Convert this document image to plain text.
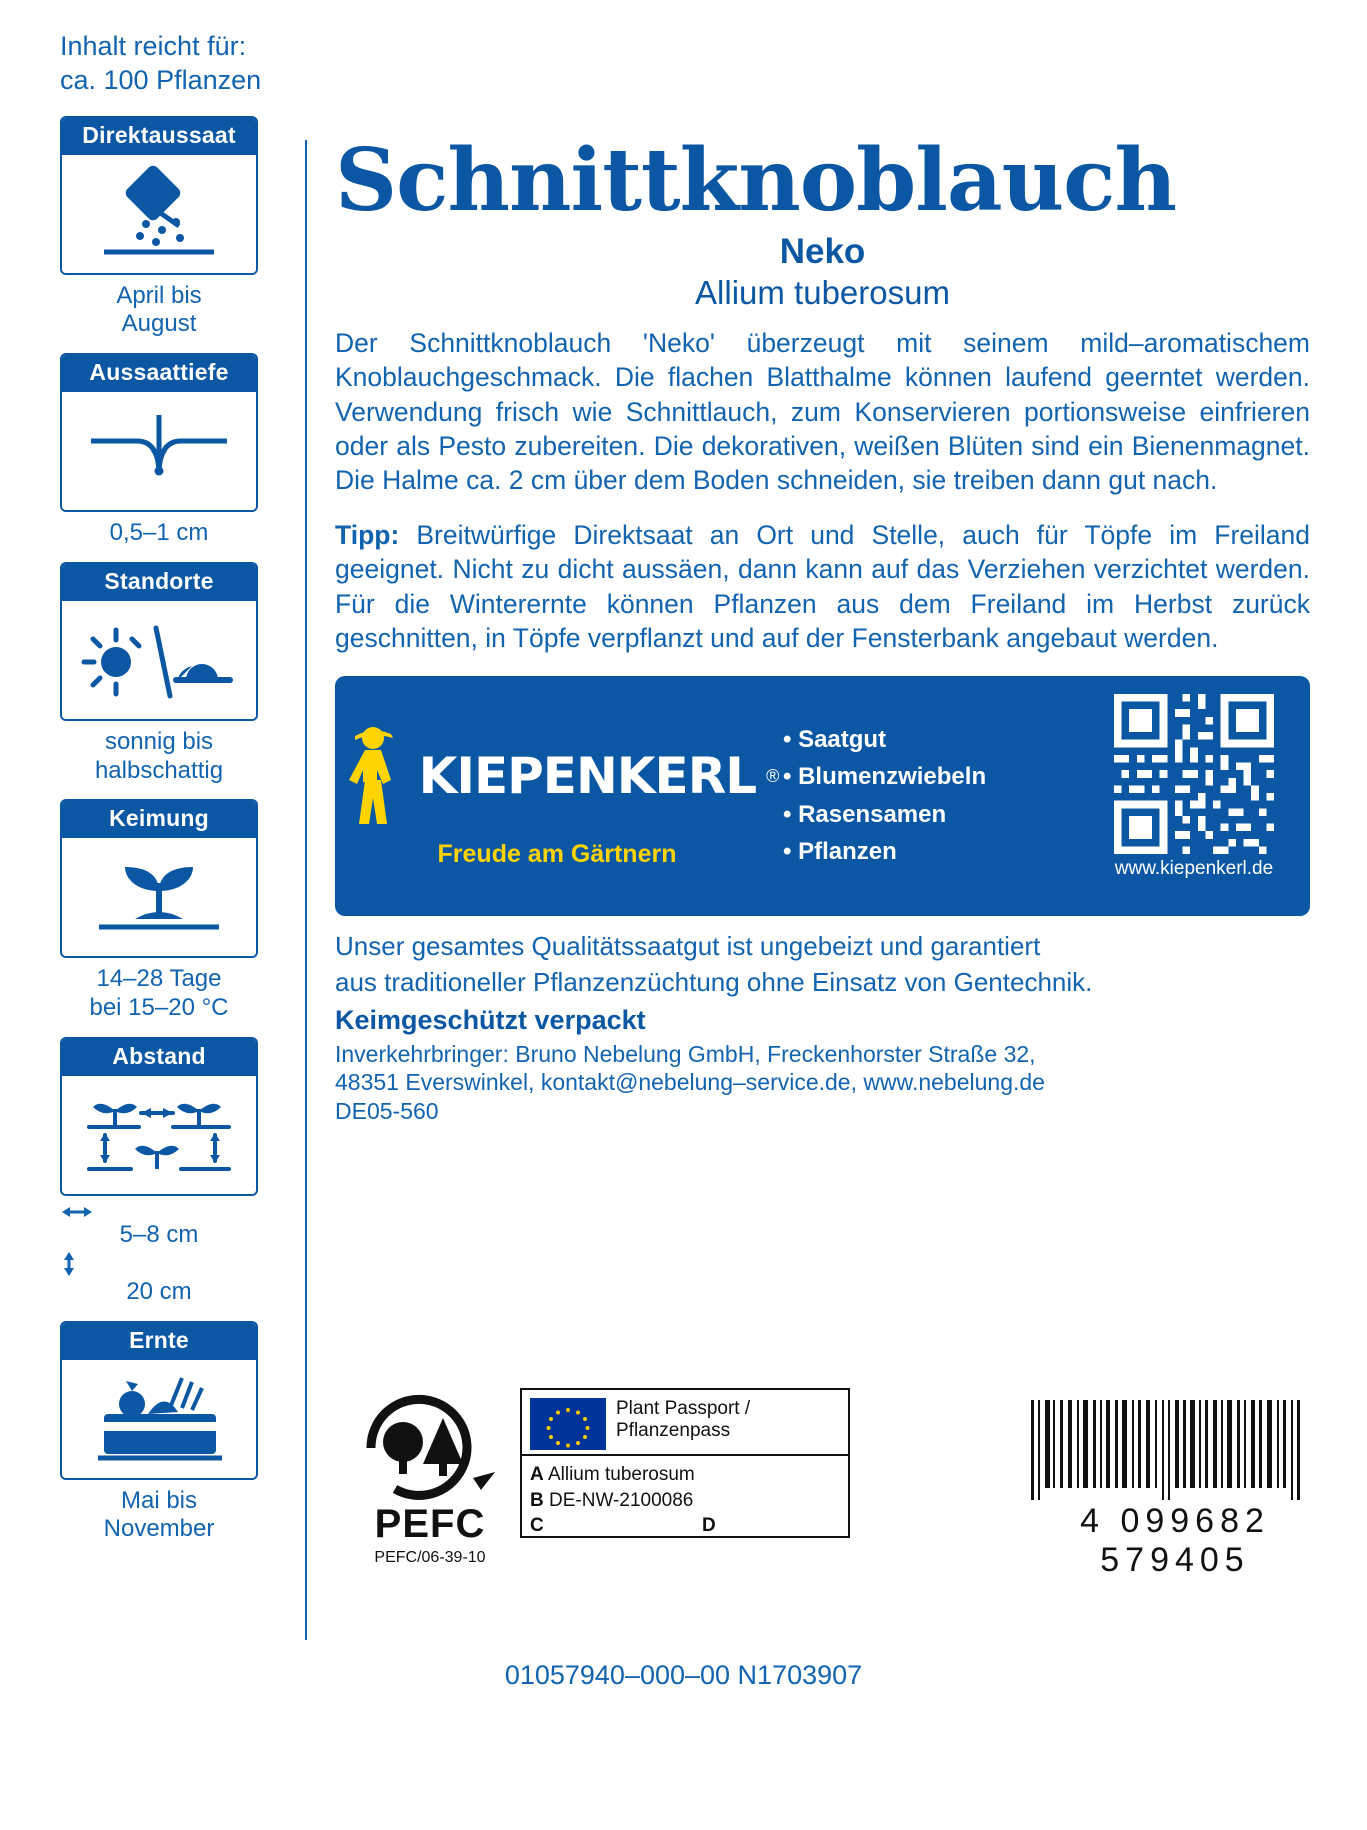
Inhalt reicht für:
ca. 100 Pflanzen
Direktaussaat
April bis
August
Aussaattiefe
0,5–1 cm
Standorte
sonnig bis
halbschattig
Keimung
14–28 Tage
bei 15–20 °C
Abstand
5–8 cm
20 cm
Ernte
Mai bis
November
Schnittknoblauch
Neko
Allium tuberosum

Der Schnittknoblauch 'Neko' überzeugt mit seinem mild–aromatischem Knoblauchgeschmack. Die flachen Blatthalme können laufend geerntet werden. Verwendung frisch wie Schnittlauch, zum Konservieren portionsweise einfrieren oder als Pesto zubereiten. Die dekorativen, weißen Blüten sind ein Bienenmagnet. Die Halme ca. 2 cm über dem Boden schneiden, sie treiben dann gut nach.

Tipp: Breitwürfige Direktsaat an Ort und Stelle, auch für Töpfe im Freiland geeignet. Nicht zu dicht aussäen, dann kann auf das Verziehen verzichtet werden. Für die Winterernte können Pflanzen aus dem Freiland im Herbst zurück geschnitten, in Töpfe verpflanzt und auf der Fensterbank angebaut werden.

KIEPENKERL ®
Freude am Gärtnern
• Saatgut
• Blumenzwiebeln
• Rasensamen
• Pflanzen
www.kiepenkerl.de
Unser gesamtes Qualitätssaatgut ist ungebeizt und garantiert
aus traditioneller Pflanzenzüchtung ohne Einsatz von Gentechnik.
Keimgeschützt verpackt
Inverkehrbringer: Bruno Nebelung GmbH, Freckenhorster Straße 32,
48351 Everswinkel, kontakt@nebelung–service.de, www.nebelung.de
DE05-560
PEFC
PEFC/06-39-10
Plant Passport /
Pflanzenpass
A Allium tuberosum
B DE-NW-2100086
C	D	4 099682 579405
01057940–000–00 N1703907
